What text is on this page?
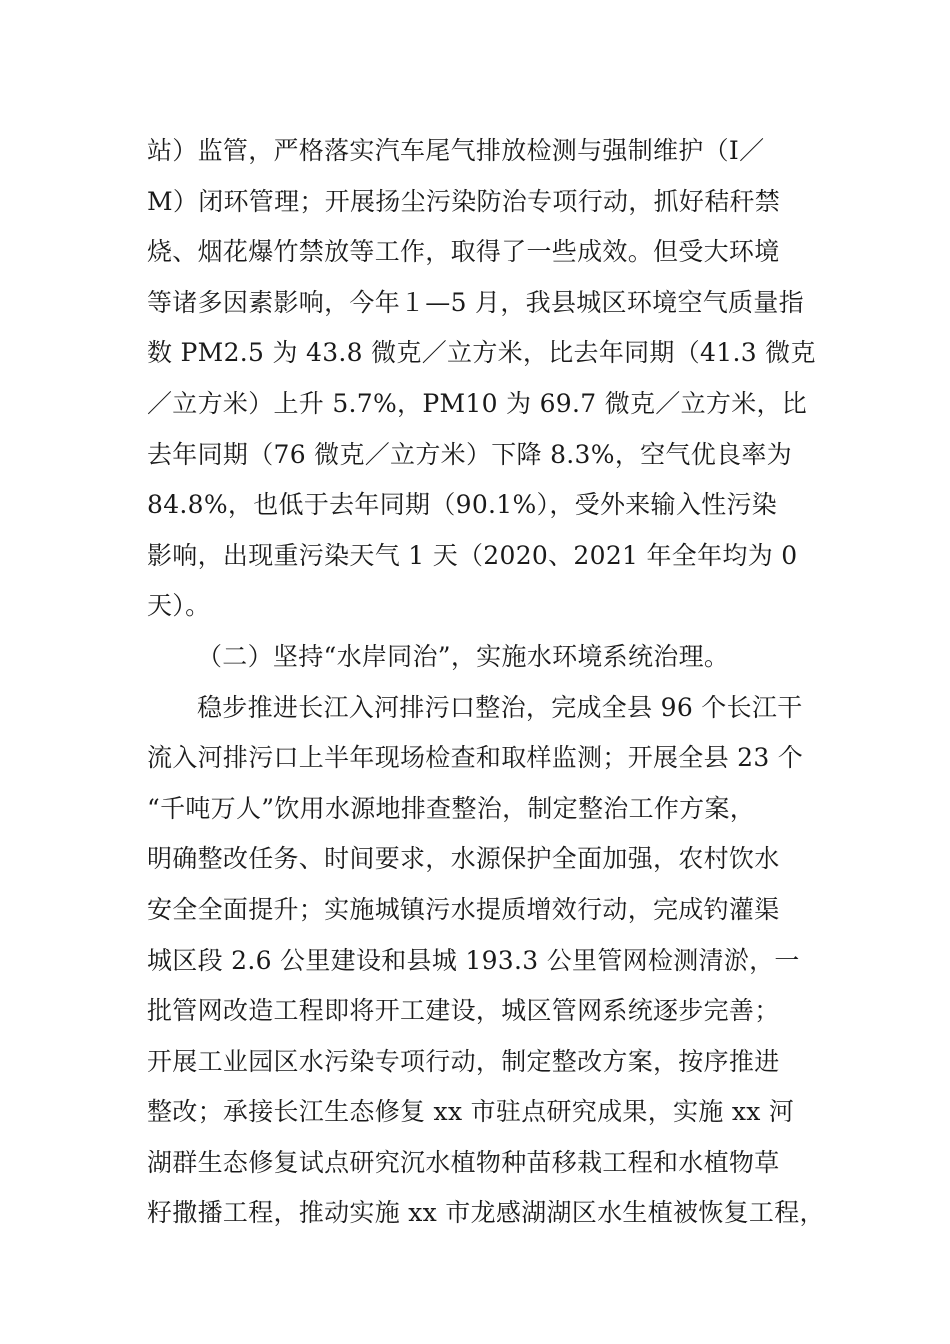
站）监管，严格落实汽车尾气排放检测与强制维护（I／
M）闭环管理；开展扬尘污染防治专项行动，抓好秸秆禁
烧、烟花爆竹禁放等工作，取得了一些成效。但受大环境
等诸多因素影响，今年１—5 月，我县城区环境空气质量指
数 PM2.5 为 43.8 微克／立方米，比去年同期（41.3 微克
／立方米）上升 5.7%，PM10 为 69.7 微克／立方米，比
去年同期（76 微克／立方米）下降 8.3%，空气优良率为
84.8%，也低于去年同期（90.1%），受外来输入性污染
影响，出现重污染天气 1 天（2020、2021 年全年均为 0
天）。
（二）坚持“水岸同治”，实施水环境系统治理。
稳步推进长江入河排污口整治，完成全县 96 个长江干
流入河排污口上半年现场检查和取样监测；开展全县 23 个
“千吨万人”饮用水源地排查整治，制定整治工作方案，
明确整改任务、时间要求，水源保护全面加强，农村饮水
安全全面提升；实施城镇污水提质增效行动，完成钓灌渠
城区段 2.6 公里建设和县城 193.3 公里管网检测清淤，一
批管网改造工程即将开工建设，城区管网系统逐步完善；
开展工业园区水污染专项行动，制定整改方案，按序推进
整改；承接长江生态修复 xx 市驻点研究成果，实施 xx 河
湖群生态修复试点研究沉水植物种苗移栽工程和水植物草
籽撒播工程，推动实施 xx 市龙感湖湖区水生植被恢复工程，
